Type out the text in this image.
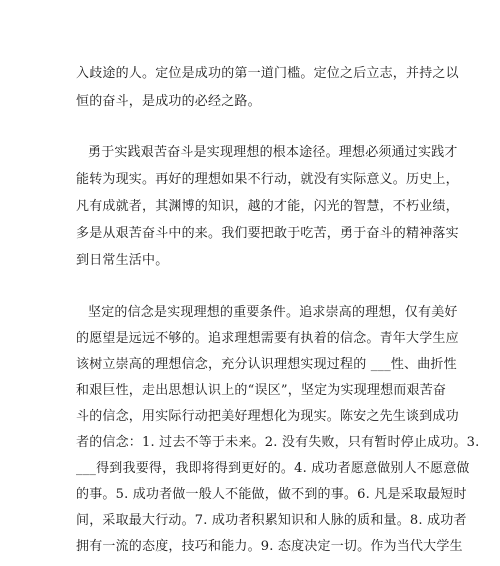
入歧途的人。定位是成功的第一道门槛。定位之后立志，并持之以
恒的奋斗，是成功的必经之路。
勇于实践艰苦奋斗是实现理想的根本途径。理想必须通过实践才
能转为现实。再好的理想如果不行动，就没有实际意义。历史上，
凡有成就者，其渊博的知识，越的才能，闪光的智慧，不朽业绩，
多是从艰苦奋斗中的来。我们要把敢于吃苦，勇于奋斗的精神落实
到日常生活中。
坚定的信念是实现理想的重要条件。追求崇高的理想，仅有美好
的愿望是远远不够的。追求理想需要有执着的信念。青年大学生应
该树立崇高的理想信念，充分认识理想实现过程的 ___性、曲折性
和艰巨性，走出思想认识上的“误区”，坚定为实现理想而艰苦奋
斗的信念，用实际行动把美好理想化为现实。陈安之先生谈到成功
者的信念：1. 过去不等于未来。2. 没有失败，只有暂时停止成功。3.
___得到我要得，我即将得到更好的。4. 成功者愿意做别人不愿意做
的事。5. 成功者做一般人不能做，做不到的事。6. 凡是采取最短时
间，采取最大行动。7. 成功者积累知识和人脉的质和量。8. 成功者
拥有一流的态度，技巧和能力。9. 态度决定一切。作为当代大学生
